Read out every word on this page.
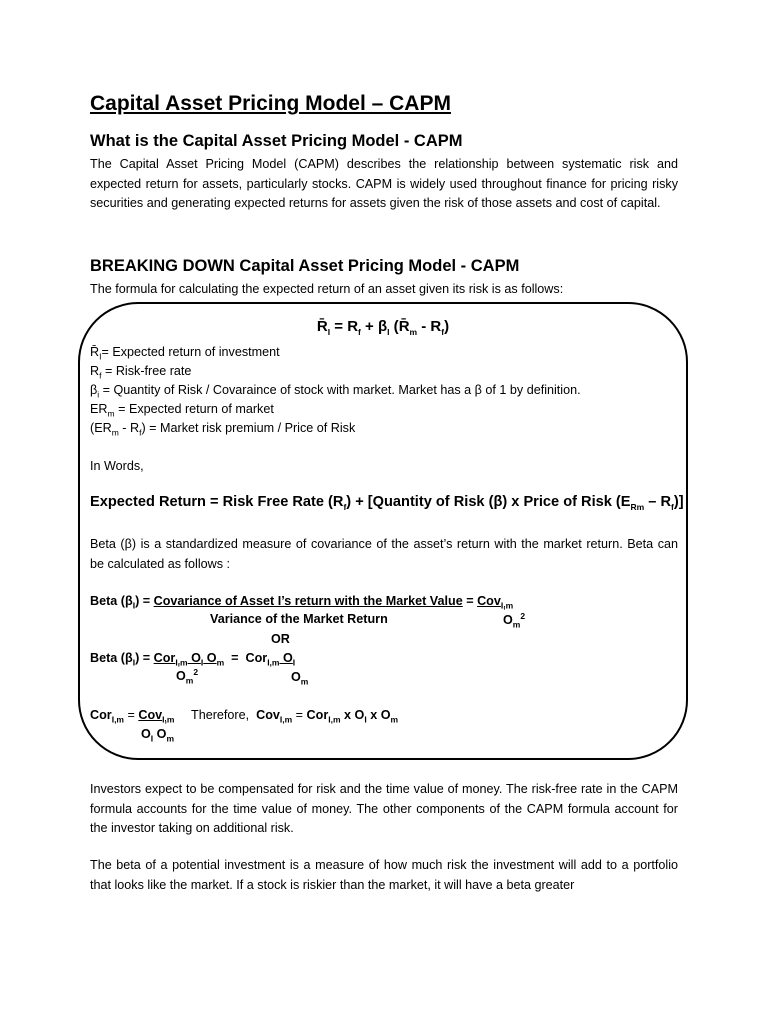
Capital Asset Pricing Model – CAPM
What is the Capital Asset Pricing Model - CAPM
The Capital Asset Pricing Model (CAPM) describes the relationship between systematic risk and expected return for assets, particularly stocks. CAPM is widely used throughout finance for pricing risky securities and generating expected returns for assets given the risk of those assets and cost of capital.
BREAKING DOWN Capital Asset Pricing Model - CAPM
The formula for calculating the expected return of an asset given its risk is as follows:
$R̄_I = R_f + \beta_I$ $(R̄_m - R_f)$
$R̄_I=$ Expected return of investment
$R_f$ = Risk-free rate
$\beta_i$ = Quantity of Risk / Covaraince of stock with market. Market has a β of 1 by definition.
$ER_m$ = Expected return of market
$(ER_m - R_f)$ = Market risk premium / Price of Risk
In Words,
Expected Return = Risk Free Rate $(R_f)$ + [Quantity of Risk (β) x Price of Risk $(E_{Rm} - R_f)$]
Beta (β) is a standardized measure of covariance of the asset’s return with the market return. Beta can be calculated as follows :
Beta $(\beta_I)$ = Covariance of Asset I’s return with the Market Value = Cov$_{I,m}$
Variance of the Market Return	$O_m^2$
OR
Beta $(\beta_I) = Cor_{I,m}$ $O_I$ $O_m = Cor_{I,m}$ $O_I$
$O_m^2$	$O_m$
Cor$_{I,m}$ = Cov$_{I,m}$ Therefore, Cov$_{I,m}$ = Cor$_{I,m}$ x $O_I$ x $O_m$
$O_I$ $O_m$
Investors expect to be compensated for risk and the time value of money. The risk-free rate in the CAPM formula accounts for the time value of money. The other components of the CAPM formula account for the investor taking on additional risk.
The beta of a potential investment is a measure of how much risk the investment will add to a portfolio that looks like the market. If a stock is riskier than the market, it will have a beta greater
